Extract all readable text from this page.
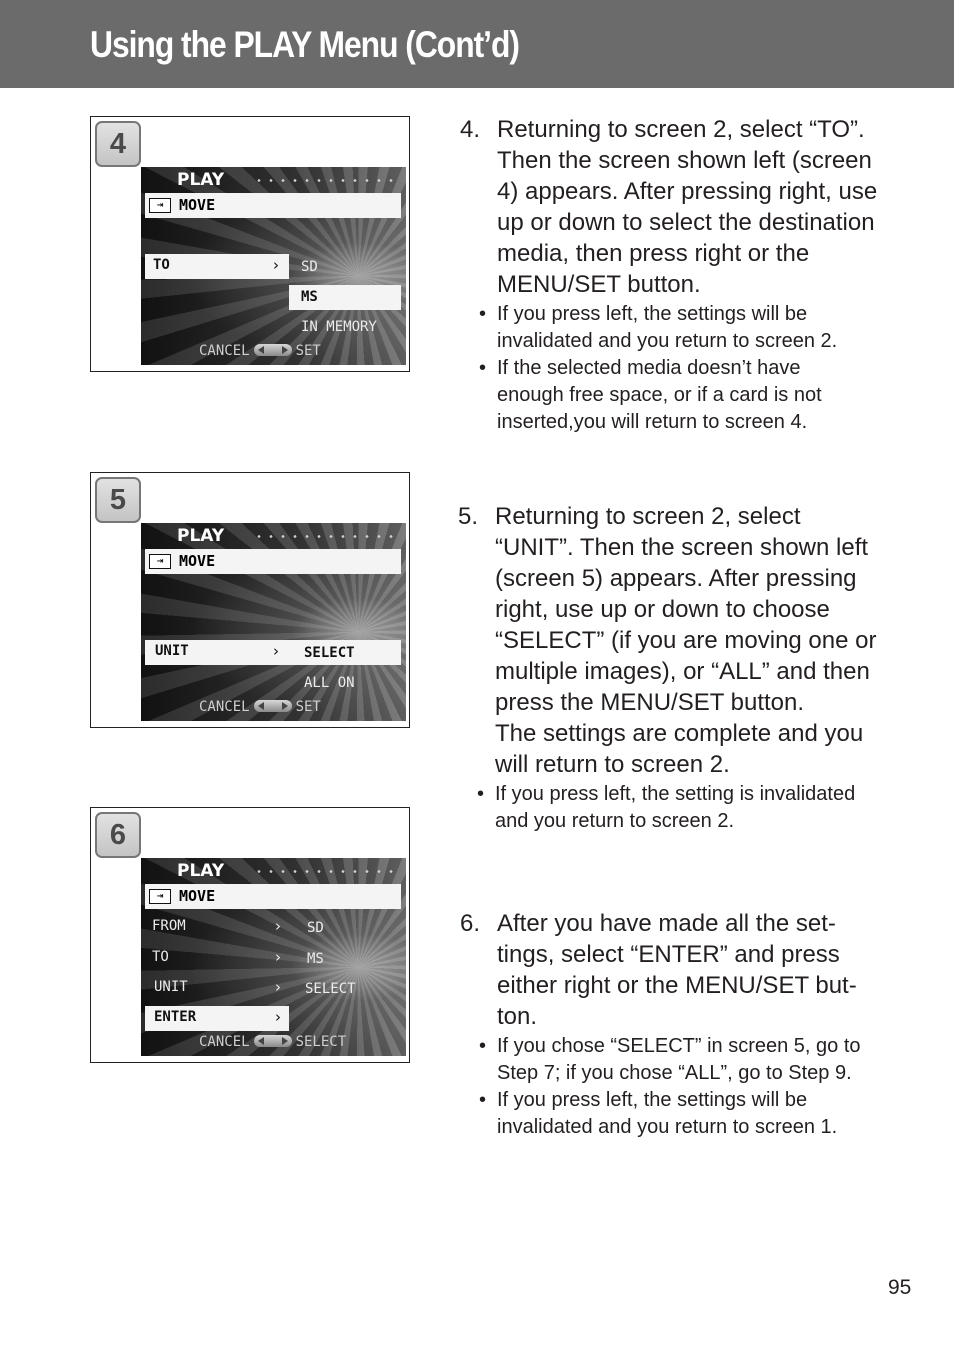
Using the PLAY Menu (Cont’d)
4
PLAY
⇥	MOVE
TO	› SD
MS
IN MEMORY
CANCEL	SET
5
PLAY
⇥	MOVE
UNIT	› SELECT
ALL ON
CANCEL	SET
6
PLAY
⇥	MOVE
FROM	› SD
TO	› MS
UNIT	› SELECT
ENTER	›
CANCEL	SELECT
4. Returning to screen 2, select “TO”.
Then the screen shown left (screen
4) appears. After pressing right, use
up or down to select the destination
media, then press right or the
MENU/SET button.
• If you press left, the settings will be
invalidated and you return to screen 2.
• If the selected media doesn’t have
enough free space, or if a card is not
inserted,you will return to screen 4.
5. Returning to screen 2, select
“UNIT”. Then the screen shown left
(screen 5) appears. After pressing
right, use up or down to choose
“SELECT” (if you are moving one or
multiple images), or “ALL” and then
press the MENU/SET button.
The settings are complete and you
will return to screen 2.
• If you press left, the setting is invalidated
and you return to screen 2.
6. After you have made all the set-
tings, select “ENTER” and press
either right or the MENU/SET but-
ton.
• If you chose “SELECT” in screen 5, go to
Step 7; if you chose “ALL”, go to Step 9.
• If you press left, the settings will be
invalidated and you return to screen 1.
95
